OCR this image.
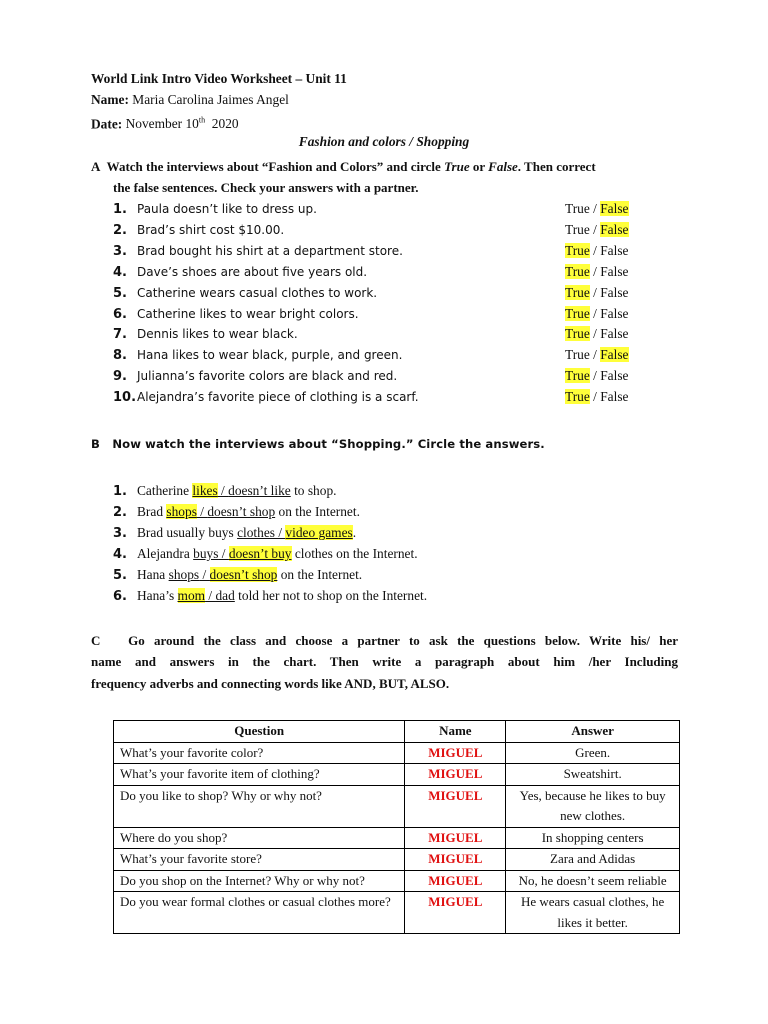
World Link Intro Video Worksheet – Unit 11
Name: Maria Carolina Jaimes Angel
Date: November 10th 2020
Fashion and colors / Shopping
A Watch the interviews about “Fashion and Colors” and circle True or False. Then correct
the false sentences. Check your answers with a partner.
1. Paula doesn’t like to dress up.	True / False
2. Brad’s shirt cost $10.00.	True / False
3. Brad bought his shirt at a department store.	True / False
4. Dave’s shoes are about five years old.	True / False
5. Catherine wears casual clothes to work.	True / False
6. Catherine likes to wear bright colors.	True / False
7. Dennis likes to wear black.	True / False
8. Hana likes to wear black, purple, and green.	True / False
9. Julianna’s favorite colors are black and red.	True / False
10.Alejandra’s favorite piece of clothing is a scarf.	True / False
B Now watch the interviews about “Shopping.” Circle the answers.
1. Catherine likes / doesn’t like to shop.
2. Brad shops / doesn’t shop on the Internet.
3. Brad usually buys clothes / video games.
4. Alejandra buys / doesn’t buy clothes on the Internet.
5. Hana shops / doesn’t shop on the Internet.
6. Hana’s mom / dad told her not to shop on the Internet.
C Go around the class and choose a partner to ask the questions below. Write his/ her
name and answers in the chart. Then write a paragraph about him /her Including
frequency adverbs and connecting words like AND, BUT, ALSO.
Question	Name	Answer
What’s your favorite color?	MIGUEL	Green.
What’s your favorite item of clothing?	MIGUEL	Sweatshirt.
Do you like to shop? Why or why not?	MIGUEL	Yes, because he likes to buy new clothes.
Where do you shop?	MIGUEL	In shopping centers
What’s your favorite store?	MIGUEL	Zara and Adidas
Do you shop on the Internet? Why or why not?	MIGUEL	No, he doesn’t seem reliable
Do you wear formal clothes or casual clothes more?	MIGUEL	He wears casual clothes, he likes it better.
